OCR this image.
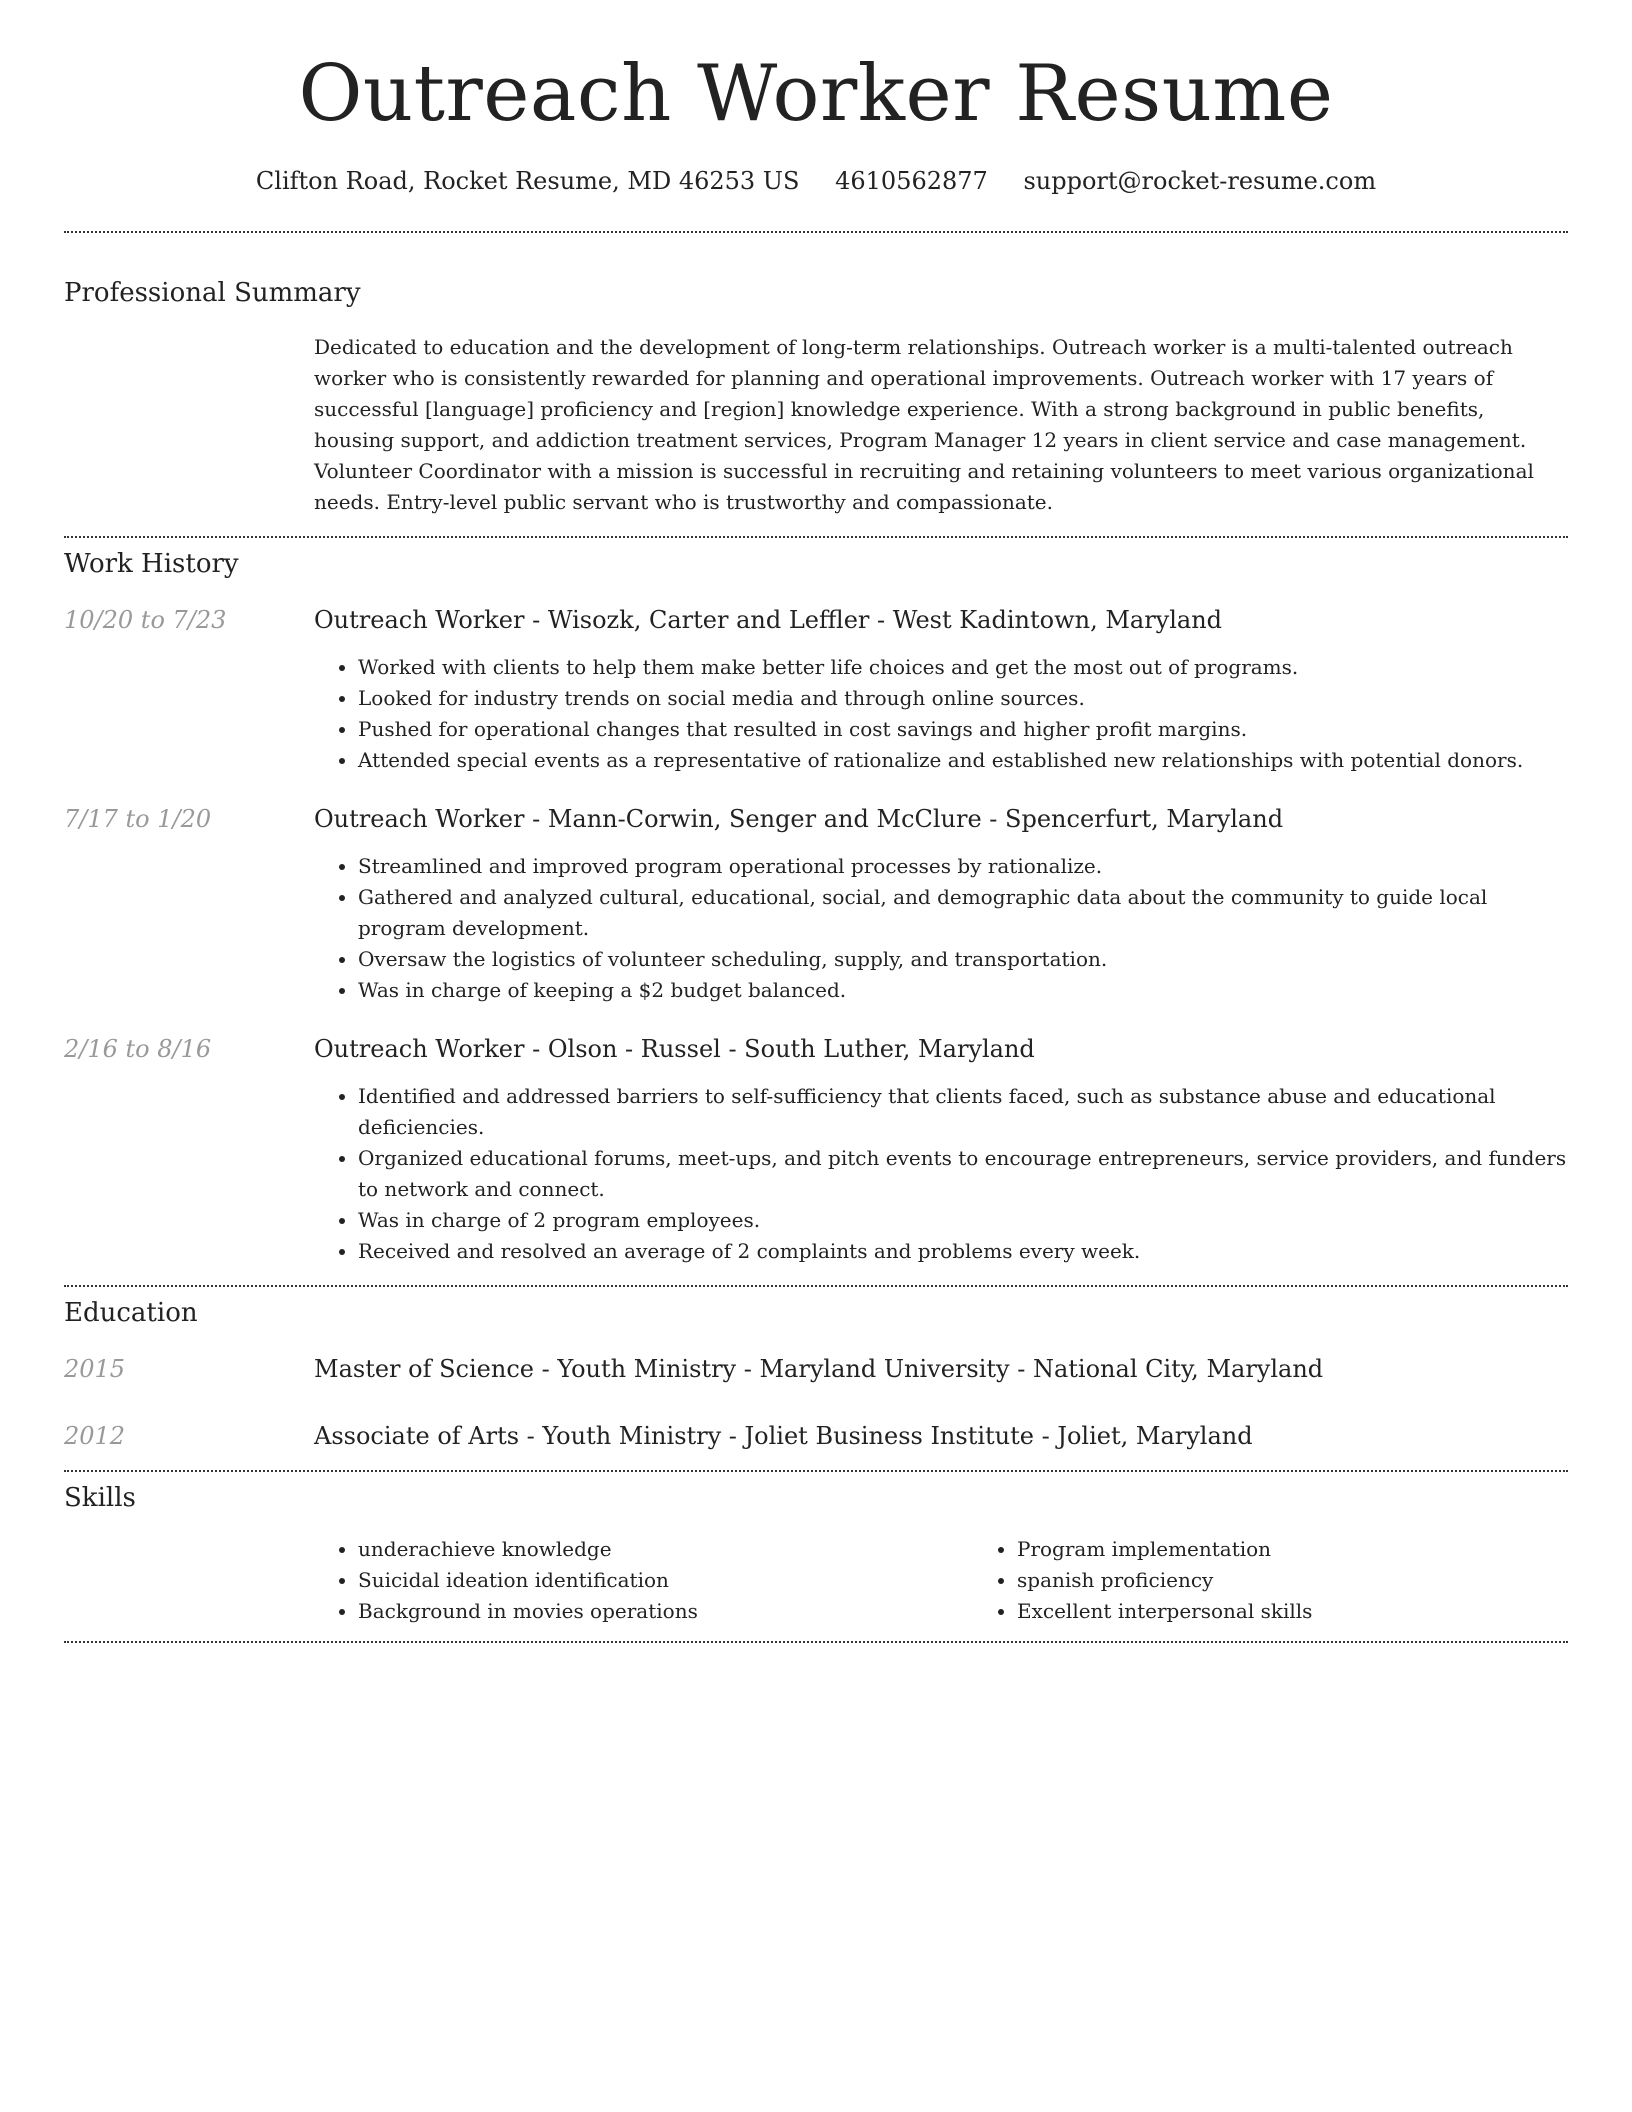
Outreach Worker Resume
Clifton Road, Rocket Resume, MD 46253 US 4610562877 support@rocket-resume.com
Professional Summary
Dedicated to education and the development of long-term relationships. Outreach worker is a multi-talented outreach worker who is consistently rewarded for planning and operational improvements. Outreach worker with 17 years of successful [language] proficiency and [region] knowledge experience. With a strong background in public benefits, housing support, and addiction treatment services, Program Manager 12 years in client service and case management. Volunteer Coordinator with a mission is successful in recruiting and retaining volunteers to meet various organizational needs. Entry-level public servant who is trustworthy and compassionate.
Work History
10/20 to 7/23	Outreach Worker - Wisozk, Carter and Leffler - West Kadintown, Maryland
• Worked with clients to help them make better life choices and get the most out of programs.
• Looked for industry trends on social media and through online sources.
• Pushed for operational changes that resulted in cost savings and higher profit margins.
• Attended special events as a representative of rationalize and established new relationships with potential donors.
7/17 to 1/20	Outreach Worker - Mann-Corwin, Senger and McClure - Spencerfurt, Maryland
• Streamlined and improved program operational processes by rationalize.
• Gathered and analyzed cultural, educational, social, and demographic data about the community to guide local program development.
• Oversaw the logistics of volunteer scheduling, supply, and transportation.
• Was in charge of keeping a $2 budget balanced.
2/16 to 8/16	Outreach Worker - Olson - Russel - South Luther, Maryland
• Identified and addressed barriers to self-sufficiency that clients faced, such as substance abuse and educational deficiencies.
• Organized educational forums, meet-ups, and pitch events to encourage entrepreneurs, service providers, and funders to network and connect.
• Was in charge of 2 program employees.
• Received and resolved an average of 2 complaints and problems every week.
Education
2015	Master of Science - Youth Ministry - Maryland University - National City, Maryland
2012	Associate of Arts - Youth Ministry - Joliet Business Institute - Joliet, Maryland
Skills
• underachieve knowledge
• Suicidal ideation identification
• Background in movies operations
• Program implementation
• spanish proficiency
• Excellent interpersonal skills
